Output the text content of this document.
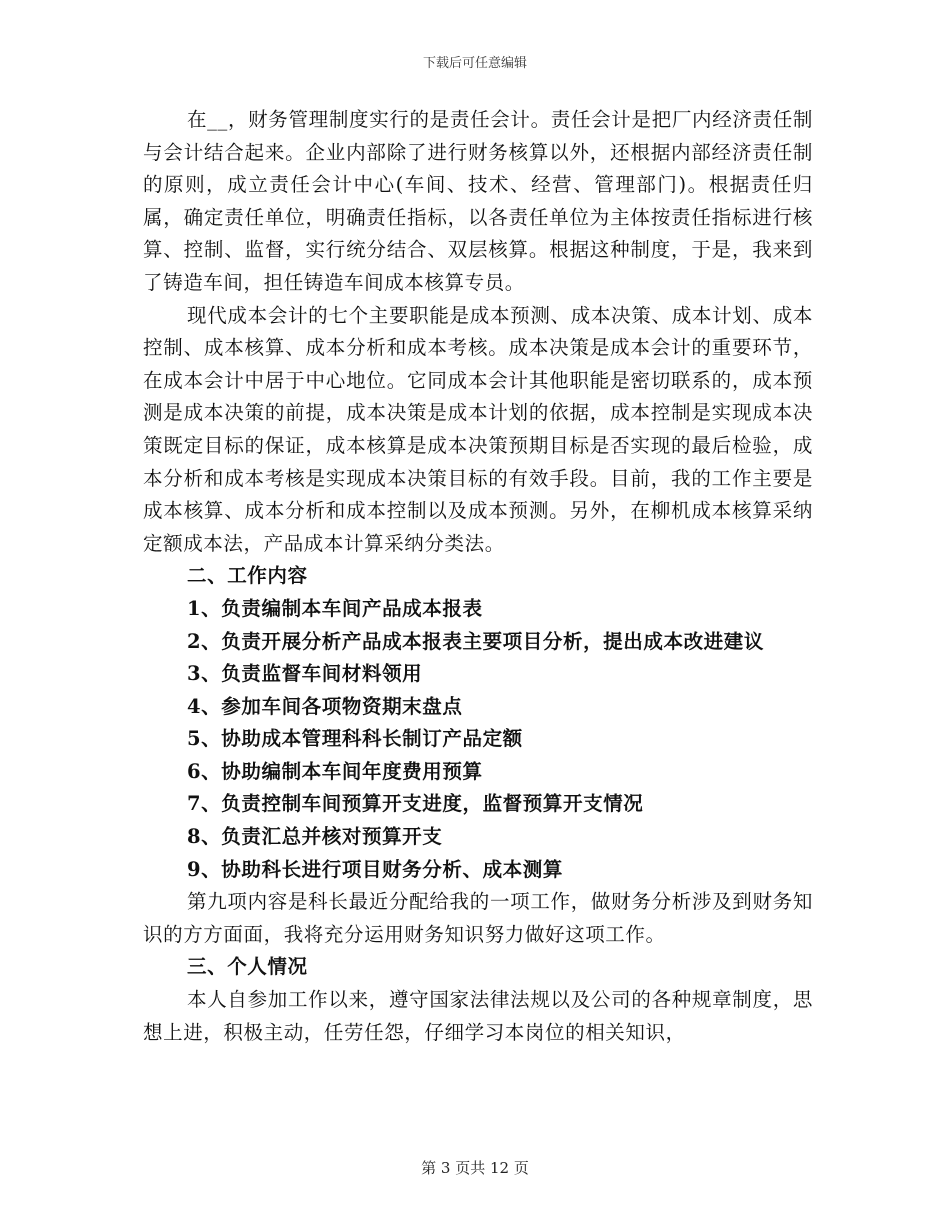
下载后可任意编辑

在__，财务管理制度实行的是责任会计。责任会计是把厂内经济责任制与会计结合起来。企业内部除了进行财务核算以外，还根据内部经济责任制的原则，成立责任会计中心(车间、技术、经营、管理部门)。根据责任归属，确定责任单位，明确责任指标，以各责任单位为主体按责任指标进行核算、控制、监督，实行统分结合、双层核算。根据这种制度，于是，我来到了铸造车间，担任铸造车间成本核算专员。

现代成本会计的七个主要职能是成本预测、成本决策、成本计划、成本控制、成本核算、成本分析和成本考核。成本决策是成本会计的重要环节，在成本会计中居于中心地位。它同成本会计其他职能是密切联系的，成本预测是成本决策的前提，成本决策是成本计划的依据，成本控制是实现成本决策既定目标的保证，成本核算是成本决策预期目标是否实现的最后检验，成本分析和成本考核是实现成本决策目标的有效手段。目前，我的工作主要是成本核算、成本分析和成本控制以及成本预测。另外，在柳机成本核算采纳定额成本法，产品成本计算采纳分类法。

二、工作内容

1、负责编制本车间产品成本报表

2、负责开展分析产品成本报表主要项目分析，提出成本改进建议

3、负责监督车间材料领用

4、参加车间各项物资期末盘点

5、协助成本管理科科长制订产品定额

6、协助编制本车间年度费用预算

7、负责控制车间预算开支进度，监督预算开支情况

8、负责汇总并核对预算开支

9、协助科长进行项目财务分析、成本测算

第九项内容是科长最近分配给我的一项工作，做财务分析涉及到财务知识的方方面面，我将充分运用财务知识努力做好这项工作。

三、个人情况

本人自参加工作以来，遵守国家法律法规以及公司的各种规章制度，思想上进，积极主动，任劳任怨，仔细学习本岗位的相关知识，

第 3 页共 12 页
